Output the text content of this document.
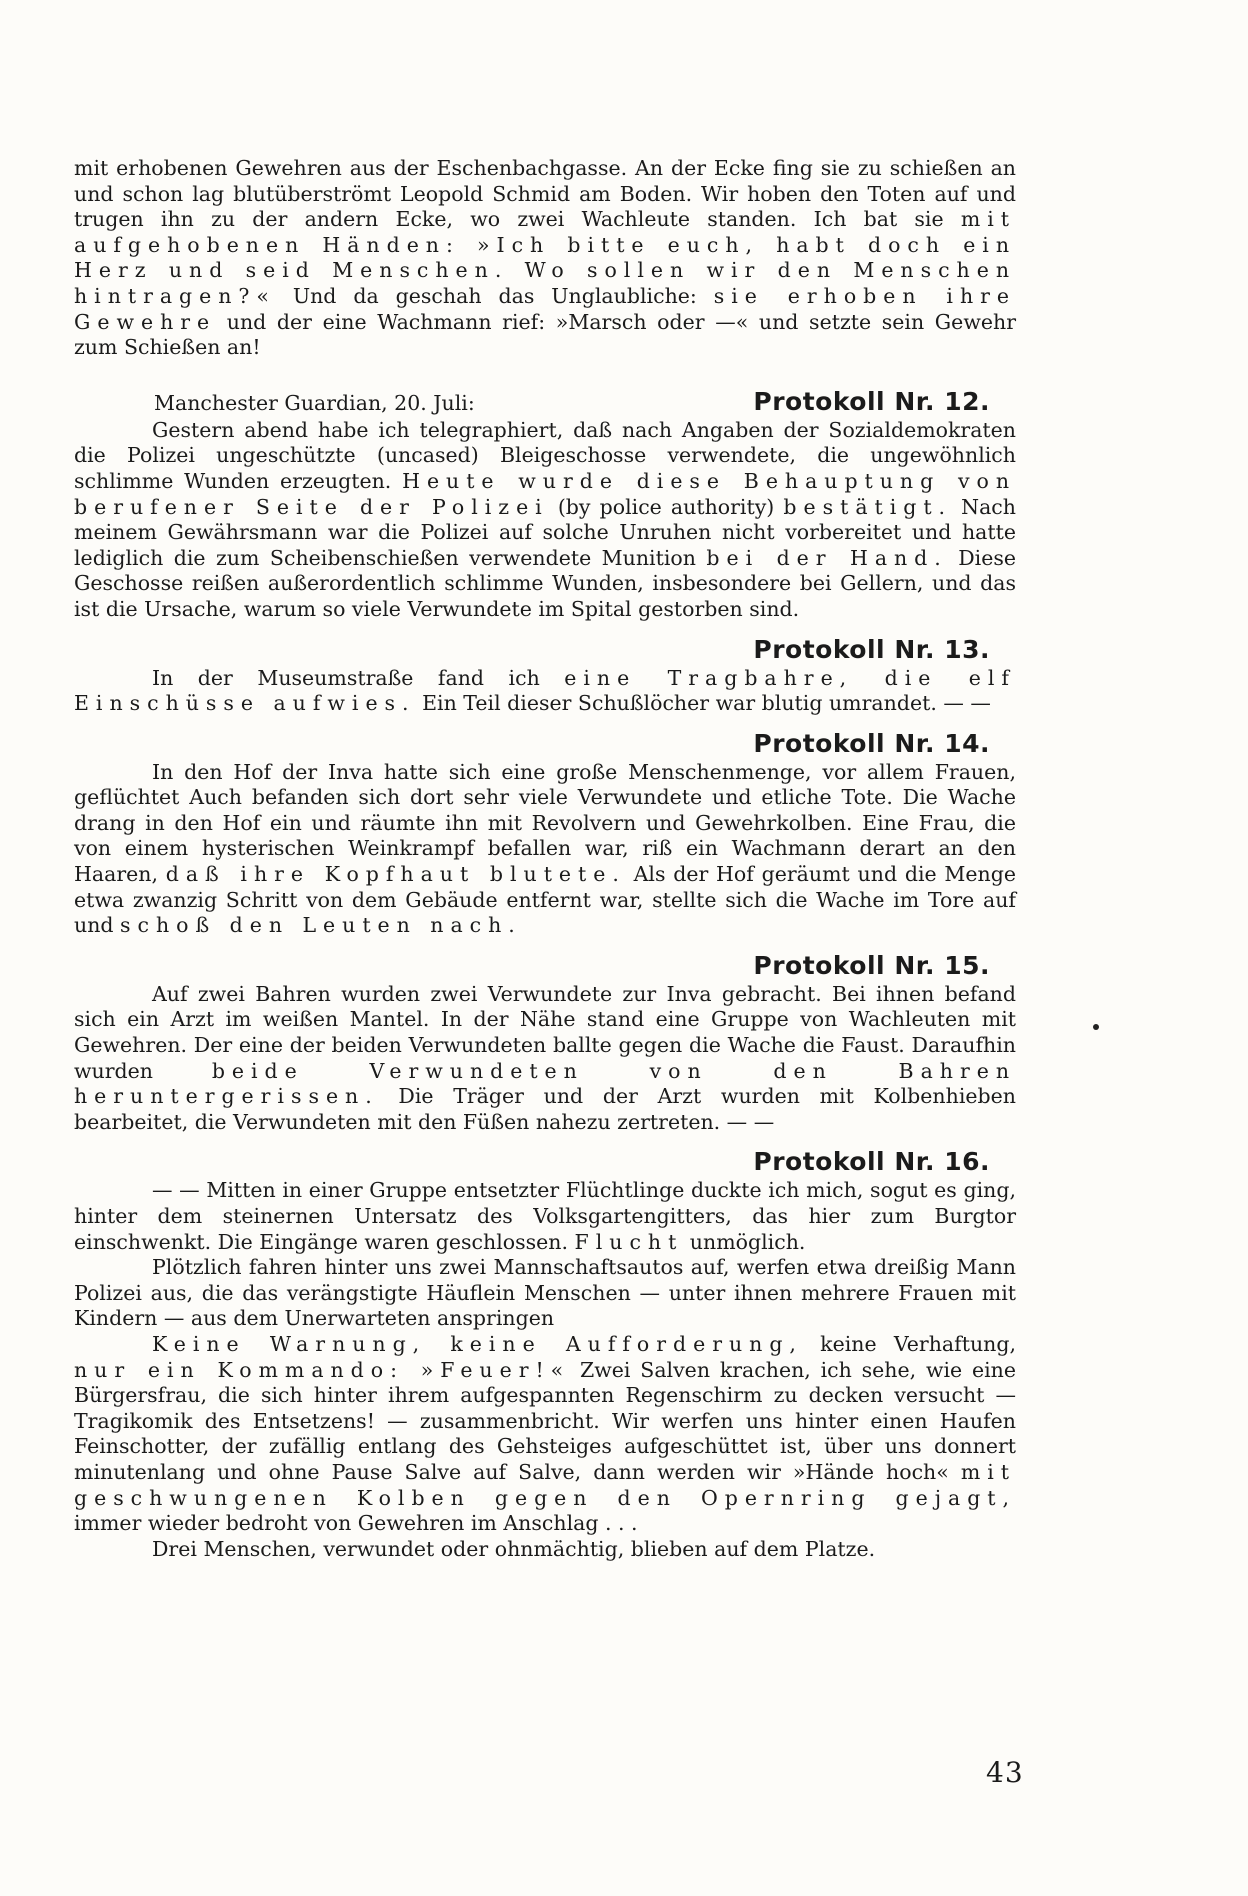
mit erhobenen Gewehren aus der Eschenbachgasse. An der Ecke fing sie zu schießen an und schon lag blutüberströmt Leopold Schmid am Boden. Wir hoben den Toten auf und trugen ihn zu der andern Ecke, wo zwei Wachleute standen. Ich bat sie mit aufgehobenen Händen: »Ich bitte euch, habt doch ein Herz und seid Menschen. Wo sollen wir den Menschen hintragen?« Und da geschah das Unglaubliche: sie erhoben ihre Gewehre und der eine Wachmann rief: »Marsch oder —« und setzte sein Gewehr zum Schießen an!

Manchester Guardian, 20. Juli:	Protokoll Nr. 12.

Gestern abend habe ich telegraphiert, daß nach Angaben der Sozialdemokraten die Polizei ungeschützte (uncased) Bleigeschosse verwendete, die ungewöhnlich schlimme Wunden erzeugten. Heute wurde diese Behauptung von berufener Seite der Polizei (by police authority) bestätigt. Nach meinem Gewährsmann war die Polizei auf solche Unruhen nicht vorbereitet und hatte lediglich die zum Scheibenschießen verwendete Munition bei der Hand. Diese Geschosse reißen außerordentlich schlimme Wunden, insbesondere bei Gellern, und das ist die Ursache, warum so viele Verwundete im Spital gestorben sind.

Protokoll Nr. 13.

In der Museumstraße fand ich eine Tragbahre, die elf Einschüsse aufwies. Ein Teil dieser Schußlöcher war blutig umrandet. — —

Protokoll Nr. 14.

In den Hof der Inva hatte sich eine große Menschenmenge, vor allem Frauen, geflüchtet Auch befanden sich dort sehr viele Verwundete und etliche Tote. Die Wache drang in den Hof ein und räumte ihn mit Revolvern und Gewehrkolben. Eine Frau, die von einem hysterischen Weinkrampf befallen war, riß ein Wachmann derart an den Haaren, daß ihre Kopfhaut blutete. Als der Hof geräumt und die Menge etwa zwanzig Schritt von dem Gebäude entfernt war, stellte sich die Wache im Tore auf und schoß den Leuten nach.

Protokoll Nr. 15.

Auf zwei Bahren wurden zwei Verwundete zur Inva gebracht. Bei ihnen befand sich ein Arzt im weißen Mantel. In der Nähe stand eine Gruppe von Wachleuten mit Gewehren. Der eine der beiden Verwundeten ballte gegen die Wache die Faust. Daraufhin wurden beide Verwundeten von den Bahren heruntergerissen. Die Träger und der Arzt wurden mit Kolbenhieben bearbeitet, die Verwundeten mit den Füßen nahezu zertreten. — —

Protokoll Nr. 16.

— — Mitten in einer Gruppe entsetzter Flüchtlinge duckte ich mich, sogut es ging, hinter dem steinernen Untersatz des Volksgartengitters, das hier zum Burgtor einschwenkt. Die Eingänge waren geschlossen. Flucht unmöglich.

Plötzlich fahren hinter uns zwei Mannschaftsautos auf, werfen etwa dreißig Mann Polizei aus, die das verängstigte Häuflein Menschen — unter ihnen mehrere Frauen mit Kindern — aus dem Unerwarteten anspringen

Keine Warnung, keine Aufforderung, keine Verhaftung, nur ein Kommando: »Feuer!« Zwei Salven krachen, ich sehe, wie eine Bürgersfrau, die sich hinter ihrem aufgespannten Regenschirm zu decken versucht — Tragikomik des Entsetzens! — zusammenbricht. Wir werfen uns hinter einen Haufen Feinschotter, der zufällig entlang des Gehsteiges aufgeschüttet ist, über uns donnert minutenlang und ohne Pause Salve auf Salve, dann werden wir »Hände hoch« mit geschwungenen Kolben gegen den Opernring gejagt, immer wieder bedroht von Gewehren im Anschlag . . .

Drei Menschen, verwundet oder ohnmächtig, blieben auf dem Platze.

43
